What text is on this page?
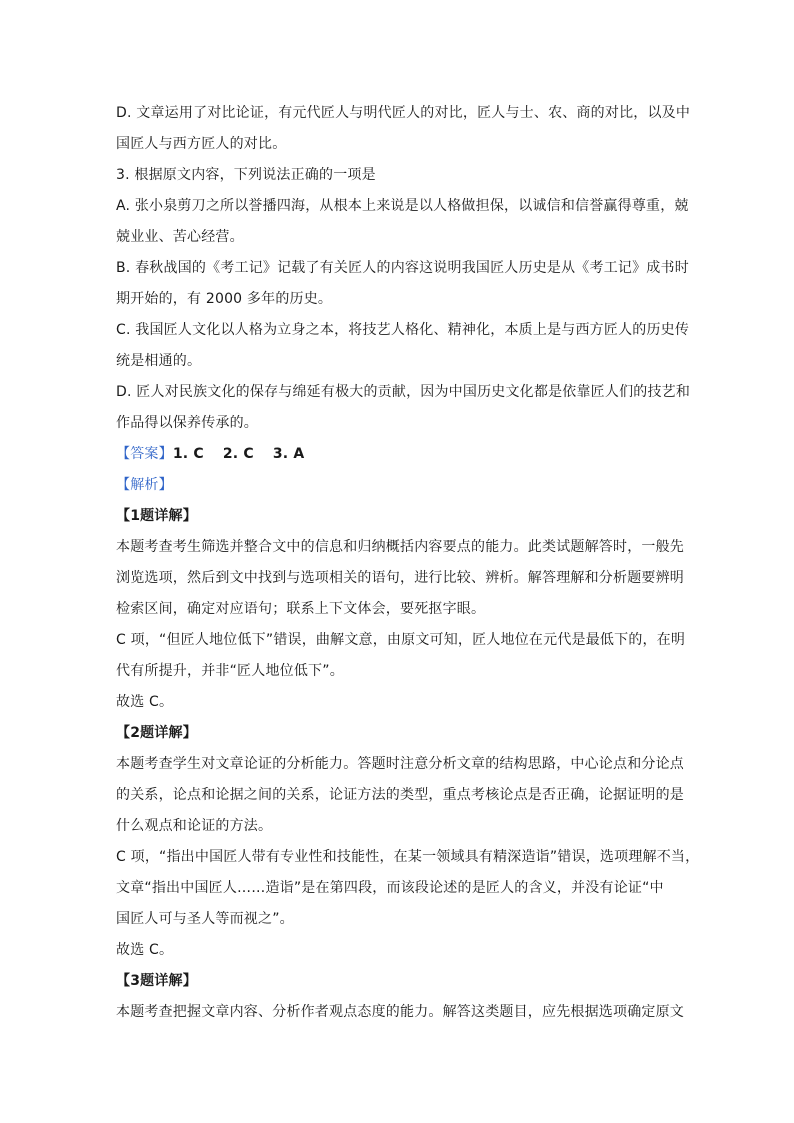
D. 文章运用了对比论证，有元代匠人与明代匠人的对比，匠人与士、农、商的对比，以及中
国匠人与西方匠人的对比。
3. 根据原文内容，下列说法正确的一项是
A. 张小泉剪刀之所以誉播四海，从根本上来说是以人格做担保，以诚信和信誉赢得尊重，兢
兢业业、苦心经营。
B. 春秋战国的《考工记》记载了有关匠人的内容这说明我国匠人历史是从《考工记》成书时
期开始的，有 2000 多年的历史。
C. 我国匠人文化以人格为立身之本，将技艺人格化、精神化，本质上是与西方匠人的历史传
统是相通的。
D. 匠人对民族文化的保存与绵延有极大的贡献，因为中国历史文化都是依靠匠人们的技艺和
作品得以保养传承的。
【答案】1. C 2. C 3. A
【解析】
【1题详解】
本题考查考生筛选并整合文中的信息和归纳概括内容要点的能力。此类试题解答时，一般先
浏览选项，然后到文中找到与选项相关的语句，进行比较、辨析。解答理解和分析题要辨明
检索区间，确定对应语句；联系上下文体会，要死抠字眼。
C 项，“但匠人地位低下”错误，曲解文意，由原文可知，匠人地位在元代是最低下的，在明
代有所提升，并非“匠人地位低下”。
故选 C。
【2题详解】
本题考查学生对文章论证的分析能力。答题时注意分析文章的结构思路，中心论点和分论点
的关系，论点和论据之间的关系，论证方法的类型，重点考核论点是否正确，论据证明的是
什么观点和论证的方法。
C 项，“指出中国匠人带有专业性和技能性，在某一领域具有精深造诣”错误，选项理解不当，
文章“指出中国匠人……造诣”是在第四段，而该段论述的是匠人的含义，并没有论证“中
国匠人可与圣人等而视之”。
故选 C。
【3题详解】
本题考查把握文章内容、分析作者观点态度的能力。解答这类题目，应先根据选项确定原文
